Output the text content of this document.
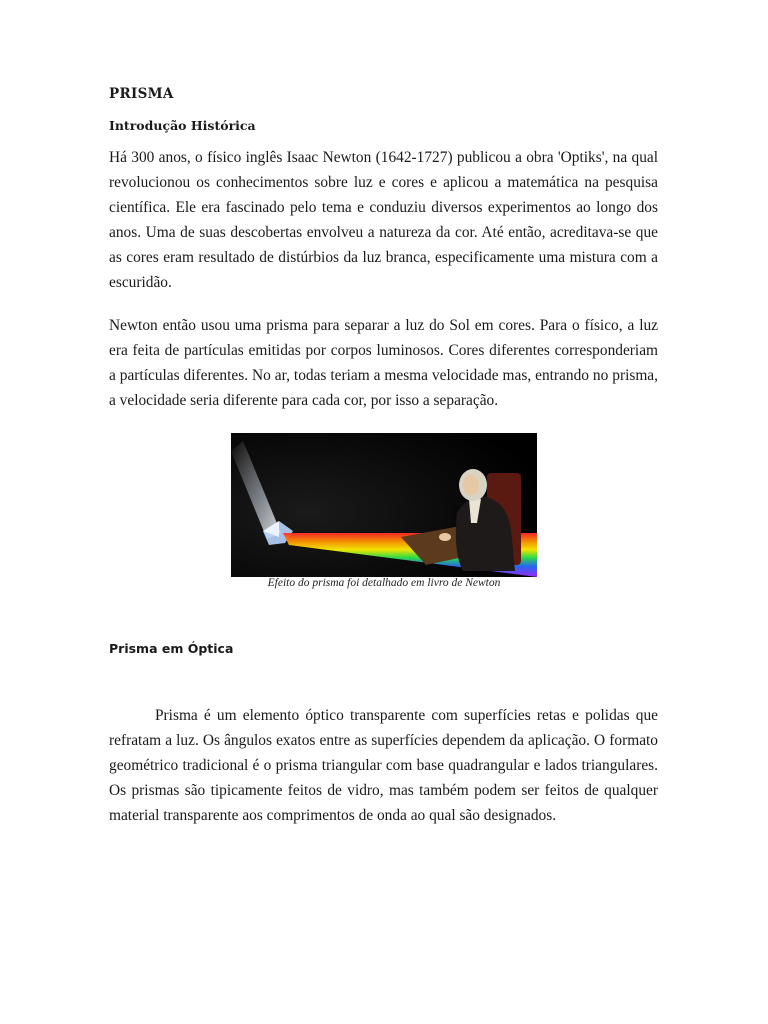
PRISMA
Introdução Histórica

Há 300 anos, o físico inglês Isaac Newton (1642-1727) publicou a obra 'Optiks', na qual revolucionou os conhecimentos sobre luz e cores e aplicou a matemática na pesquisa científica. Ele era fascinado pelo tema e conduziu diversos experimentos ao longo dos anos. Uma de suas descobertas envolveu a natureza da cor. Até então, acreditava-se que as cores eram resultado de distúrbios da luz branca, especificamente uma mistura com a escuridão.

Newton então usou uma prisma para separar a luz do Sol em cores. Para o físico, a luz era feita de partículas emitidas por corpos luminosos. Cores diferentes corresponderiam a partículas diferentes. No ar, todas teriam a mesma velocidade mas, entrando no prisma, a velocidade seria diferente para cada cor, por isso a separação.

Efeito do prisma foi detalhado em livro de Newton

Prisma em Óptica

Prisma é um elemento óptico transparente com superfícies retas e polidas que refratam a luz. Os ângulos exatos entre as superfícies dependem da aplicação. O formato geométrico tradicional é o prisma triangular com base quadrangular e lados triangulares. Os prismas são tipicamente feitos de vidro, mas também podem ser feitos de qualquer material transparente aos comprimentos de onda ao qual são designados.
